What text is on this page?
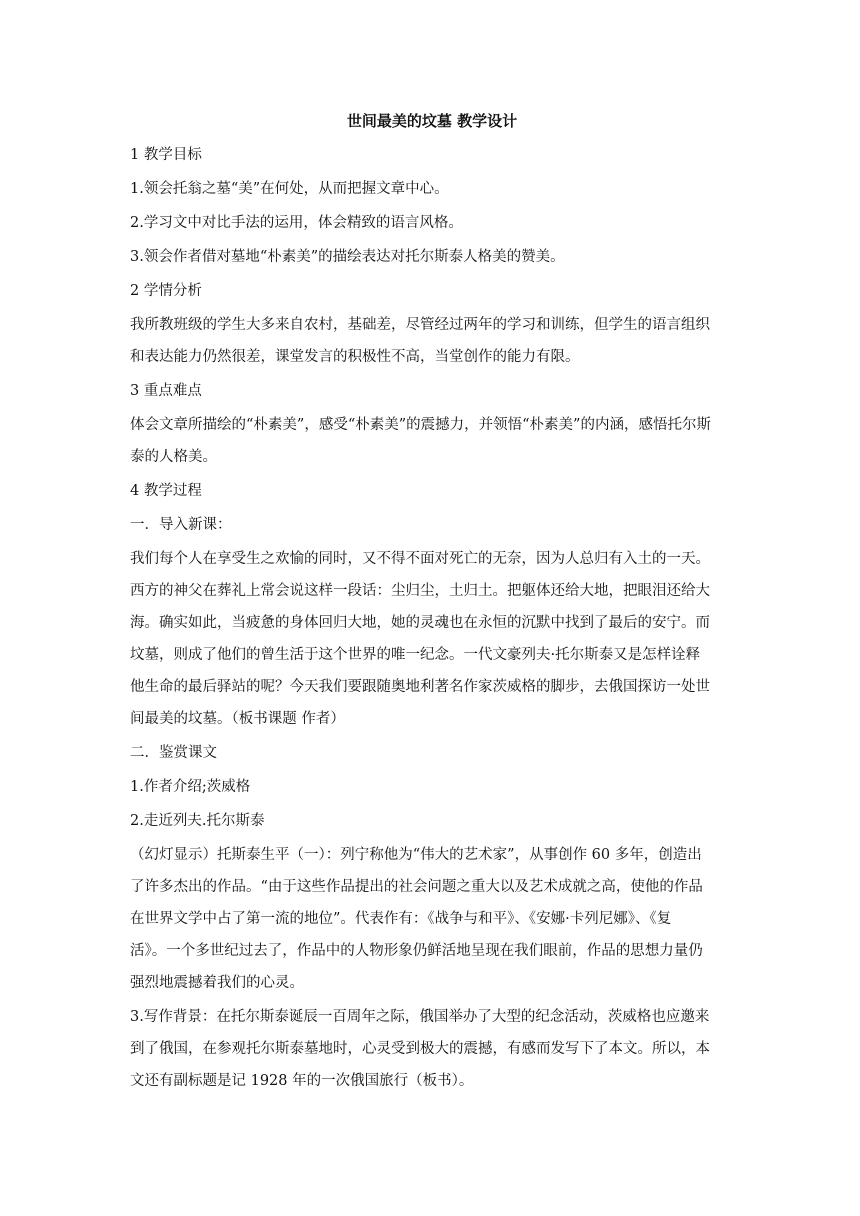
世间最美的坟墓 教学设计
1 教学目标
1.领会托翁之墓“美”在何处，从而把握文章中心。
2.学习文中对比手法的运用，体会精致的语言风格。
3.领会作者借对墓地“朴素美”的描绘表达对托尔斯泰人格美的赞美。
2 学情分析
我所教班级的学生大多来自农村，基础差，尽管经过两年的学习和训练，但学生的语言组织
和表达能力仍然很差，课堂发言的积极性不高，当堂创作的能力有限。
3 重点难点
体会文章所描绘的“朴素美”，感受“朴素美”的震撼力，并领悟“朴素美”的内涵，感悟托尔斯
泰的人格美。
4 教学过程
一．导入新课：
我们每个人在享受生之欢愉的同时，又不得不面对死亡的无奈，因为人总归有入土的一天。
西方的神父在葬礼上常会说这样一段话：尘归尘，土归土。把躯体还给大地，把眼泪还给大
海。确实如此，当疲惫的身体回归大地，她的灵魂也在永恒的沉默中找到了最后的安宁。而
坟墓，则成了他们的曾生活于这个世界的唯一纪念。一代文豪列夫·托尔斯泰又是怎样诠释
他生命的最后驿站的呢？今天我们要跟随奥地利著名作家茨威格的脚步，去俄国探访一处世
间最美的坟墓。（板书课题 作者）
二．鉴赏课文
1.作者介绍;茨威格
2.走近列夫.托尔斯泰
（幻灯显示）托斯泰生平（一）：列宁称他为“伟大的艺术家”，从事创作 60 多年，创造出
了许多杰出的作品。“由于这些作品提出的社会问题之重大以及艺术成就之高，使他的作品
在世界文学中占了第一流的地位”。代表作有：《战争与和平》、《安娜·卡列尼娜》、《复
活》。一个多世纪过去了，作品中的人物形象仍鲜活地呈现在我们眼前，作品的思想力量仍
强烈地震撼着我们的心灵。
3.写作背景：在托尔斯泰诞辰一百周年之际，俄国举办了大型的纪念活动，茨威格也应邀来
到了俄国，在参观托尔斯泰墓地时，心灵受到极大的震撼，有感而发写下了本文。所以，本
文还有副标题是记 1928 年的一次俄国旅行（板书）。
